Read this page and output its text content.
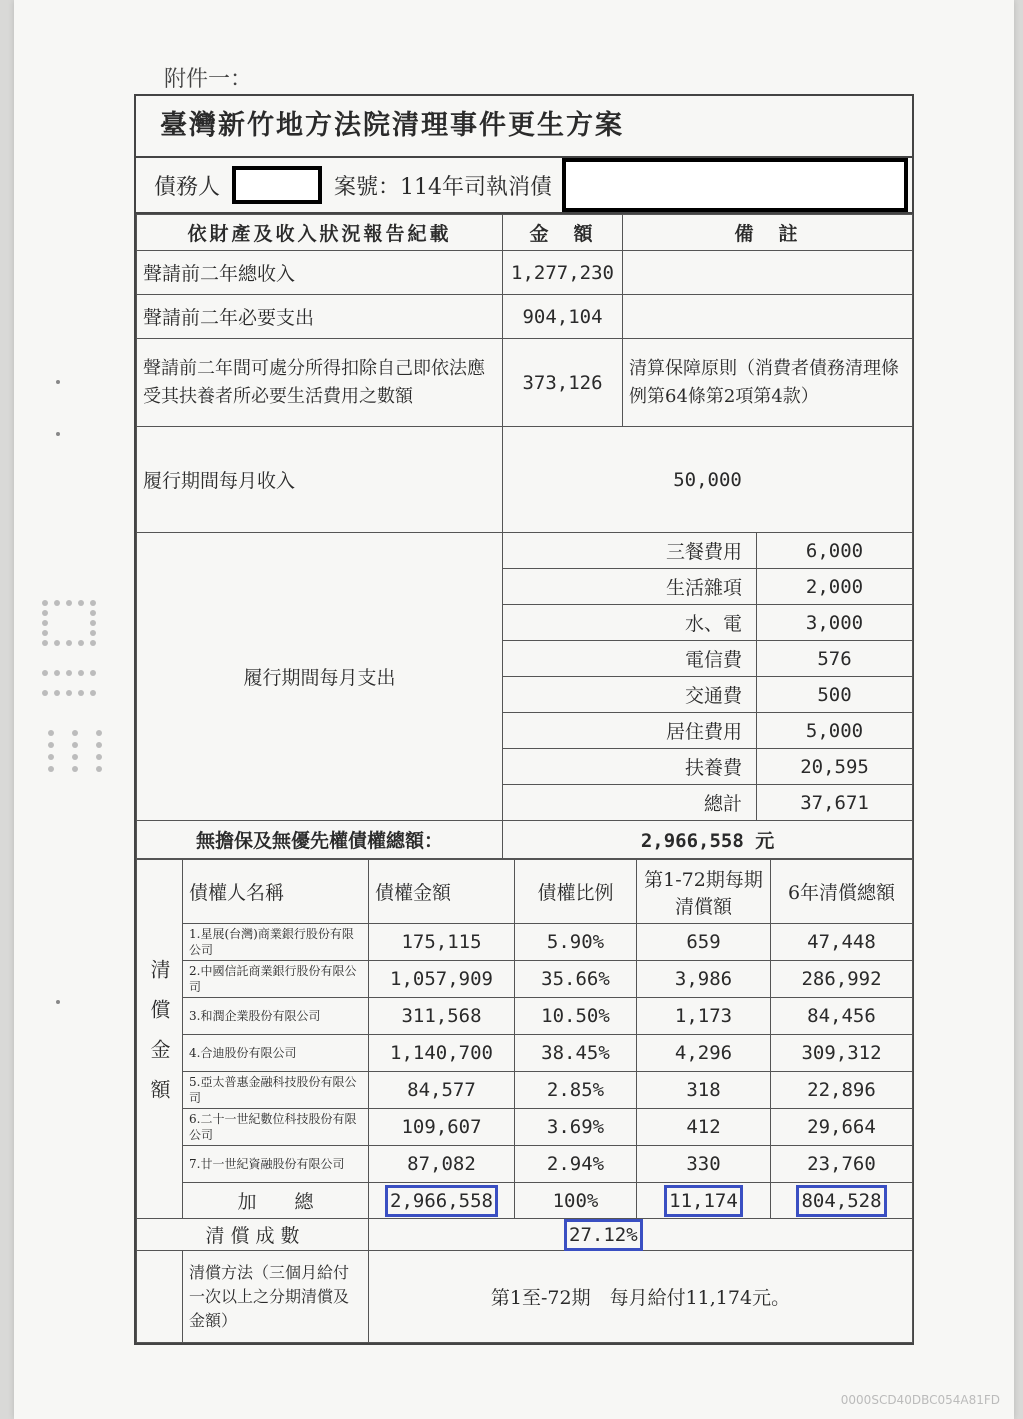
附件一：
臺灣新竹地方法院清理事件更生方案
債務人	案號：114年司執消債
依財產及收入狀況報告紀載	金　額	備　註	
聲請前二年總收入	1,277,230		
聲請前二年必要支出	904,104		
聲請前二年間可處分所得扣除自己即依法應受其扶養者所必要生活費用之數額	373,126	清算保障原則（消費者債務清理條例第64條第2項第4款）	
履行期間每月收入	50,000		
履行期間每月支出	三餐費用		6,000
	生活雜項		2,000
	水、電		3,000
	電信費		576
	交通費		500
	居住費用		5,000
	扶養費		20,595
	總計		37,671
無擔保及無優先權債權總額：	2,966,558 元		
清償金額	債權人名稱	債權金額	債權比例	第1-72期每期清償額	6年清償總額
	1.星展(台灣)商業銀行股份有限公司	175,115	5.90%	659	47,448
	2.中國信託商業銀行股份有限公司	1,057,909	35.66%	3,986	286,992
	3.和潤企業股份有限公司	311,568	10.50%	1,173	84,456
	4.合迪股份有限公司	1,140,700	38.45%	4,296	309,312
	5.亞太普惠金融科技股份有限公司	84,577	2.85%	318	22,896
	6.二十一世紀數位科技股份有限公司	109,607	3.69%	412	29,664
	7.廿一世紀資融股份有限公司	87,082	2.94%	330	23,760
	加　　總	2,966,558	100%	11,174	804,528
清 償 成 數		27.12%			
	清償方法（三個月給付一次以上之分期清償及金額）	第1至-72期　每月給付11,174元。			
0000SCD40DBC054A81FD
